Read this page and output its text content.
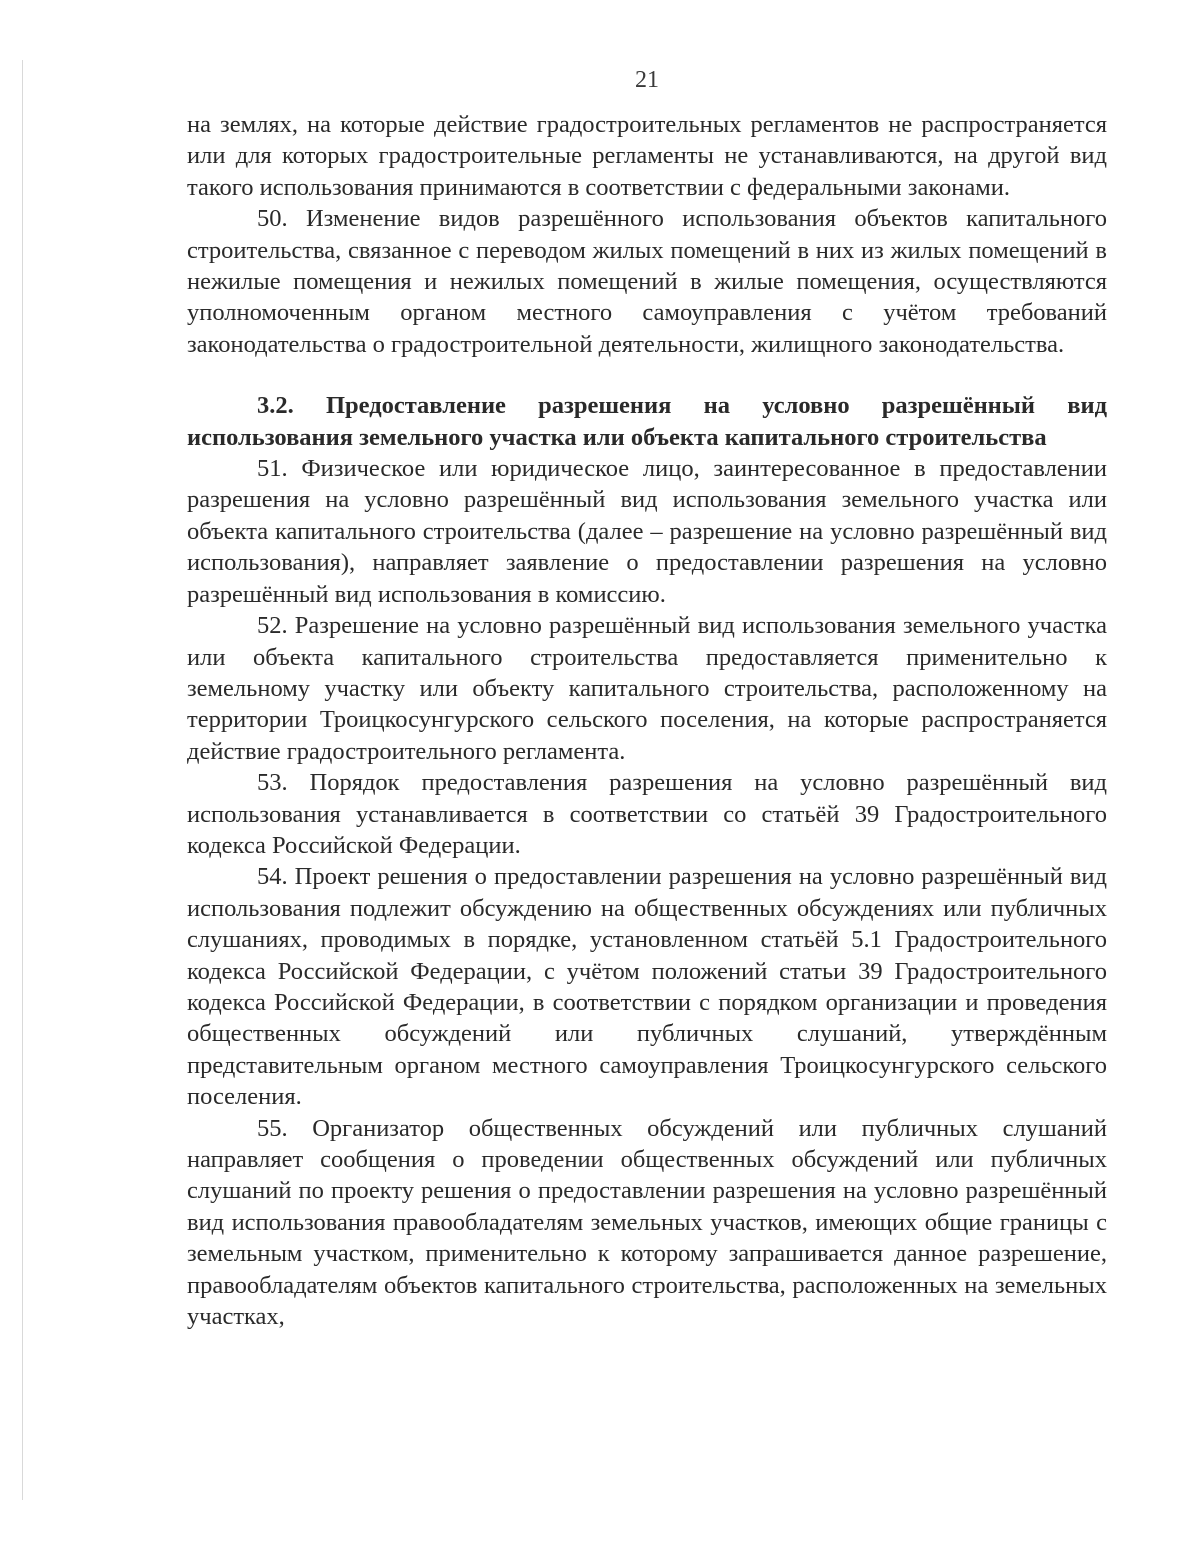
21

на землях, на которые действие градостроительных регламентов не распространяется или для которых градостроительные регламенты не устанавливаются, на другой вид такого использования принимаются в соответствии с федеральными законами.

50. Изменение видов разрешённого использования объектов капитального строительства, связанное с переводом жилых помещений в них из жилых помещений в нежилые помещения и нежилых помещений в жилые помещения, осуществляются уполномоченным органом местного самоуправления с учётом требований законодательства о градостроительной деятельности, жилищного законодательства.

3.2. Предоставление разрешения на условно разрешённый вид использования земельного участка или объекта капитального строительства

51. Физическое или юридическое лицо, заинтересованное в предоставлении разрешения на условно разрешённый вид использования земельного участка или объекта капитального строительства (далее – разрешение на условно разрешённый вид использования), направляет заявление о предоставлении разрешения на условно разрешённый вид использования в комиссию.

52. Разрешение на условно разрешённый вид использования земельного участка или объекта капитального строительства предоставляется применительно к земельному участку или объекту капитального строительства, расположенному на территории Троицкосунгурского сельского поселения, на которые распространяется действие градостроительного регламента.

53. Порядок предоставления разрешения на условно разрешённый вид использования устанавливается в соответствии со статьёй 39 Градостроительного кодекса Российской Федерации.

54. Проект решения о предоставлении разрешения на условно разрешённый вид использования подлежит обсуждению на общественных обсуждениях или публичных слушаниях, проводимых в порядке, установленном статьёй 5.1 Градостроительного кодекса Российской Федерации, с учётом положений статьи 39 Градостроительного кодекса Российской Федерации, в соответствии с порядком организации и проведения общественных обсуждений или публичных слушаний, утверждённым представительным органом местного самоуправления Троицкосунгурского сельского поселения.

55. Организатор общественных обсуждений или публичных слушаний направляет сообщения о проведении общественных обсуждений или публичных слушаний по проекту решения о предоставлении разрешения на условно разрешённый вид использования правообладателям земельных участков, имеющих общие границы с земельным участком, применительно к которому запрашивается данное разрешение, правообладателям объектов капитального строительства, расположенных на земельных участках,
